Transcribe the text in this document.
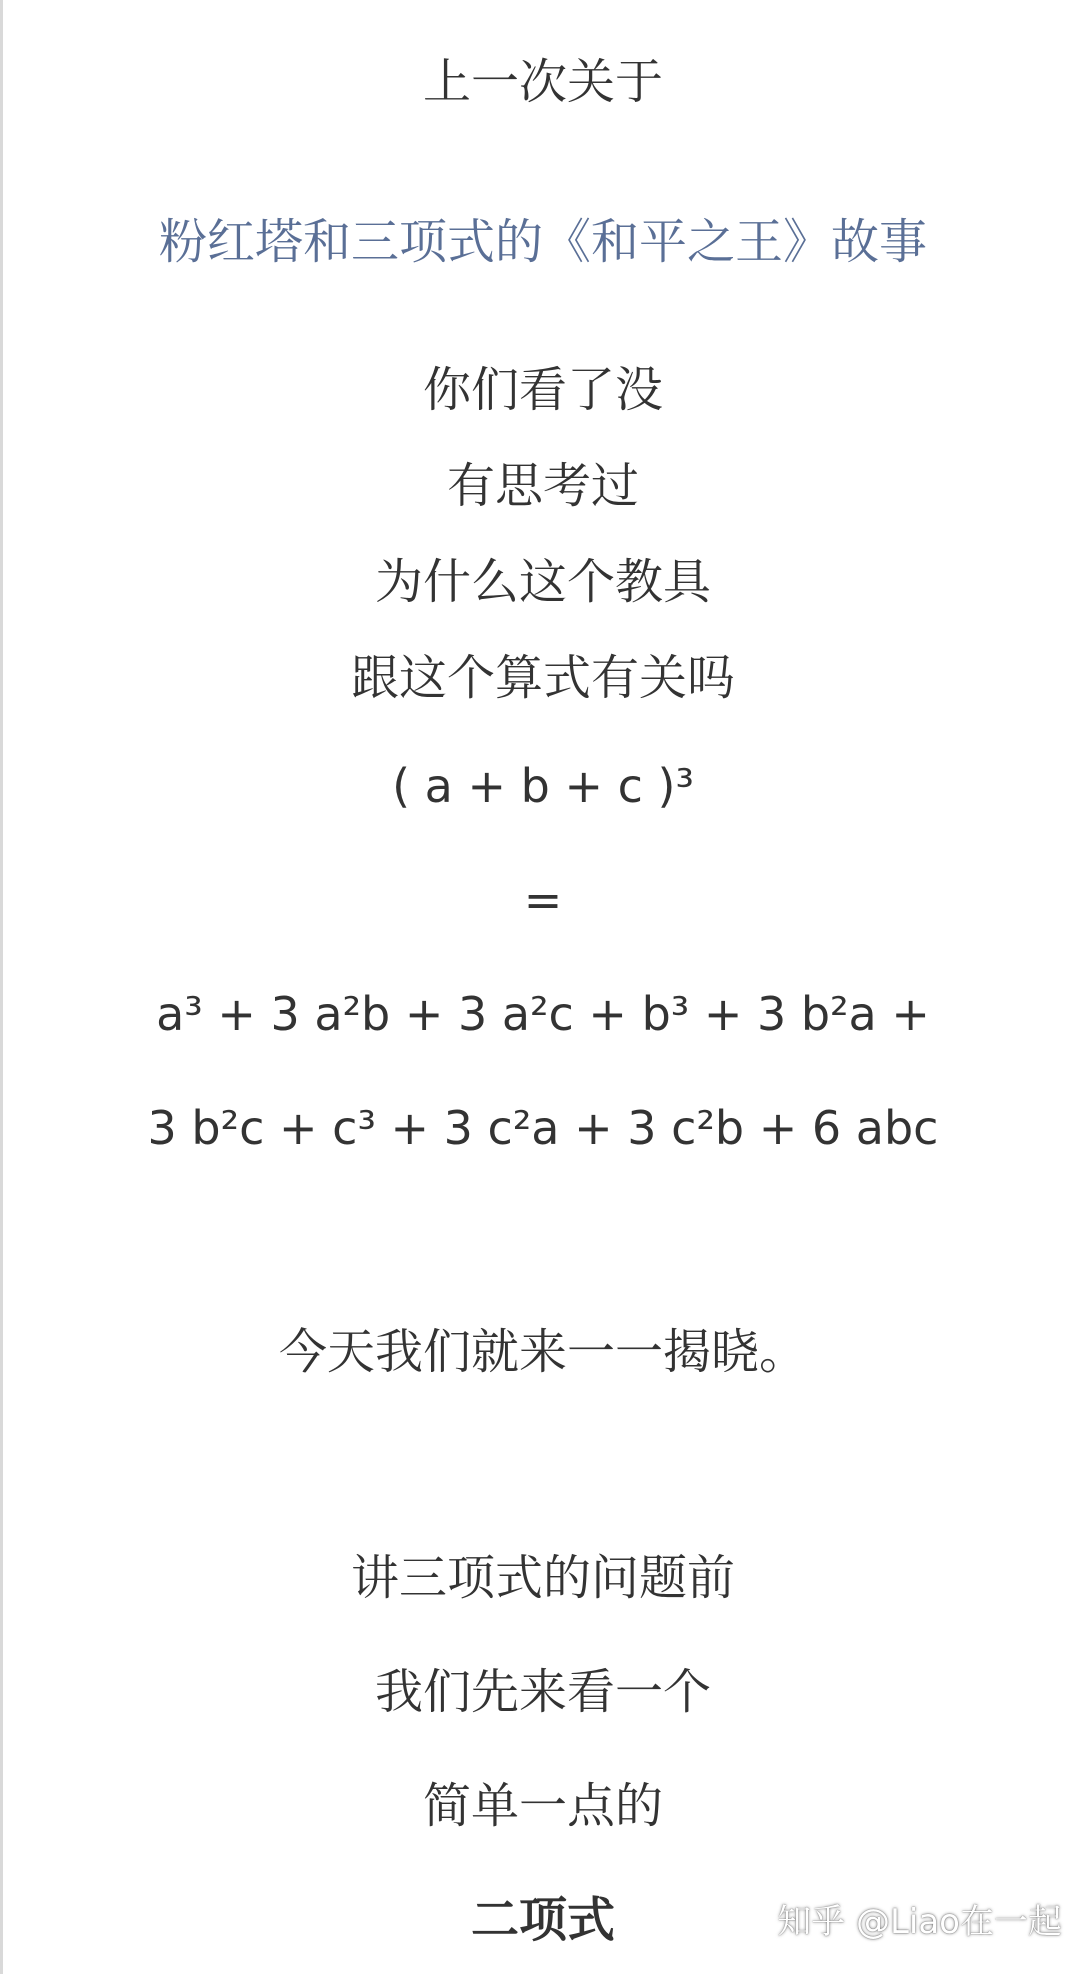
上一次关于
粉红塔和三项式的《和平之王》故事
你们看了没
有思考过
为什么这个教具
跟这个算式有关吗
( a + b + c )³
=
a³ + 3 a²b + 3 a²c + b³ + 3 b²a +
3 b²c + c³ + 3 c²a + 3 c²b + 6 abc
今天我们就来一一揭晓。
讲三项式的问题前
我们先来看一个
简单一点的
二项式	知乎 @Liao在一起
